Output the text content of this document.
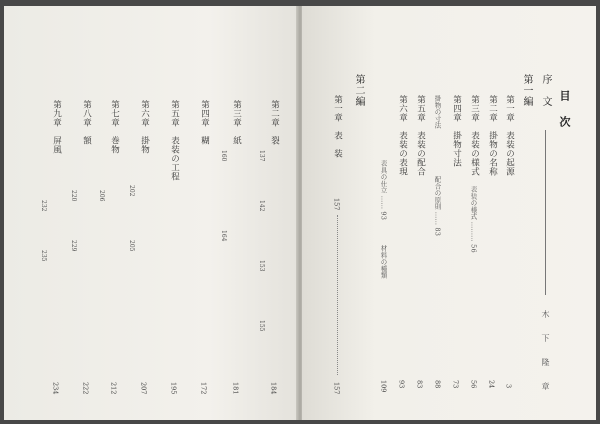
目　次
序　文
木　下　隆　章
第一編
第一章　表装の起源
3
第二章　掛物の名称
24
第三章　表装の様式
表装の様式 ……… 56
56
第四章　掛物寸法
73
掛物の寸法
配合の原則 …… 83
88
第五章　表装の配合
83
第六章　表装の表現
93
表具の仕立 …… 93
材料の種類
109
第二編
第一章　表　装
157
157
第二章　裂
137
142
153
155
184
第三章　紙
160
164
181
第四章　糊
172
第五章　表装の工程
195
第六章　掛物
202
205
207
第七章　巻物
206
212
第八章　額
220
229
222
第九章　屏風
232
235
234
